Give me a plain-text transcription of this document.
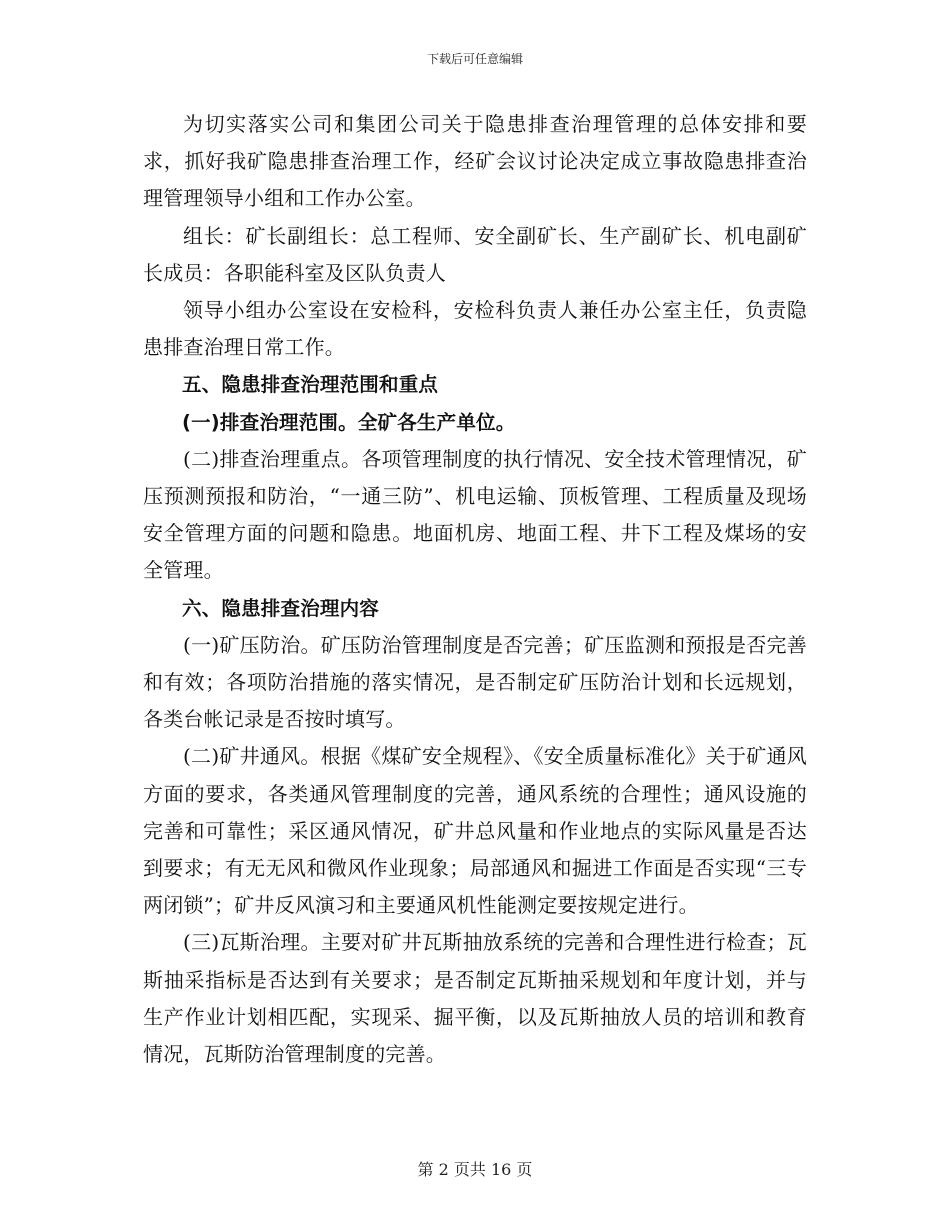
下载后可任意编辑

为切实落实公司和集团公司关于隐患排查治理管理的总体安排和要求，抓好我矿隐患排查治理工作，经矿会议讨论决定成立事故隐患排查治理管理领导小组和工作办公室。

组长：矿长副组长：总工程师、安全副矿长、生产副矿长、机电副矿长成员：各职能科室及区队负责人

领导小组办公室设在安检科，安检科负责人兼任办公室主任，负责隐患排查治理日常工作。

五、隐患排查治理范围和重点

(一)排查治理范围。全矿各生产单位。

(二)排查治理重点。各项管理制度的执行情况、安全技术管理情况，矿压预测预报和防治，“一通三防”、机电运输、顶板管理、工程质量及现场安全管理方面的问题和隐患。地面机房、地面工程、井下工程及煤场的安全管理。

六、隐患排查治理内容

(一)矿压防治。矿压防治管理制度是否完善；矿压监测和预报是否完善和有效；各项防治措施的落实情况，是否制定矿压防治计划和长远规划，各类台帐记录是否按时填写。

(二)矿井通风。根据《煤矿安全规程》、《安全质量标准化》关于矿通风方面的要求，各类通风管理制度的完善，通风系统的合理性；通风设施的完善和可靠性；采区通风情况，矿井总风量和作业地点的实际风量是否达到要求；有无无风和微风作业现象；局部通风和掘进工作面是否实现“三专两闭锁”；矿井反风演习和主要通风机性能测定要按规定进行。

(三)瓦斯治理。主要对矿井瓦斯抽放系统的完善和合理性进行检查；瓦斯抽采指标是否达到有关要求；是否制定瓦斯抽采规划和年度计划，并与生产作业计划相匹配，实现采、掘平衡，以及瓦斯抽放人员的培训和教育情况，瓦斯防治管理制度的完善。

第 2 页共 16 页
